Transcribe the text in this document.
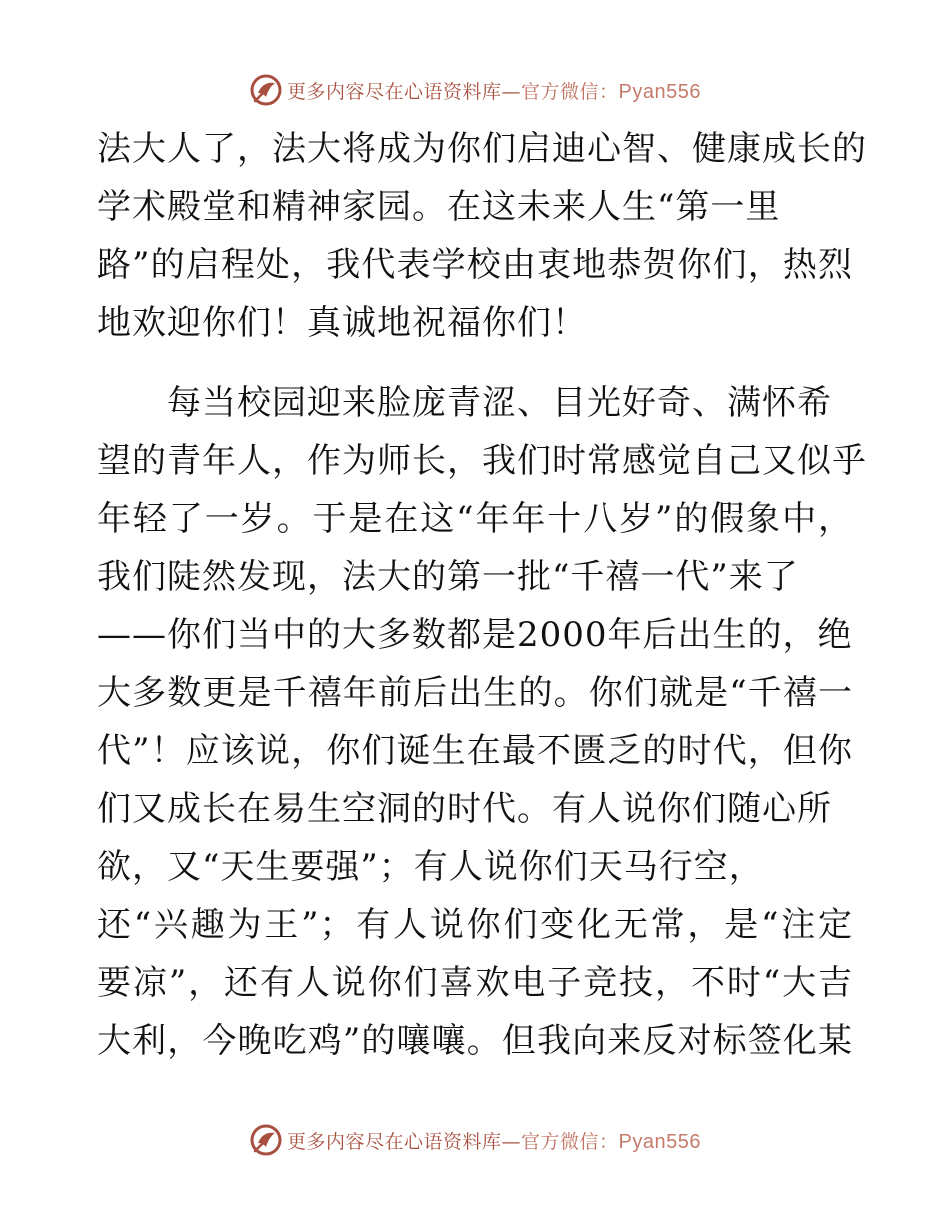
更多内容尽在心语资料库—官方微信：Pyan556
法大人了，法大将成为你们启迪心智、健康成长的
学术殿堂和精神家园。在这未来人生“第一里
路”的启程处，我代表学校由衷地恭贺你们，热烈
地欢迎你们！真诚地祝福你们！
　　每当校园迎来脸庞青涩、目光好奇、满怀希
望的青年人，作为师长，我们时常感觉自己又似乎
年轻了一岁。于是在这“年年十八岁”的假象中，
我们陡然发现，法大的第一批“千禧一代”来了
——你们当中的大多数都是2000年后出生的，绝
大多数更是千禧年前后出生的。你们就是“千禧一
代”！应该说，你们诞生在最不匮乏的时代，但你
们又成长在易生空洞的时代。有人说你们随心所
欲，又“天生要强”；有人说你们天马行空，
还“兴趣为王”；有人说你们变化无常，是“注定
要凉”，还有人说你们喜欢电子竞技，不时“大吉
大利，今晚吃鸡”的嚷嚷。但我向来反对标签化某
更多内容尽在心语资料库—官方微信：Pyan556
